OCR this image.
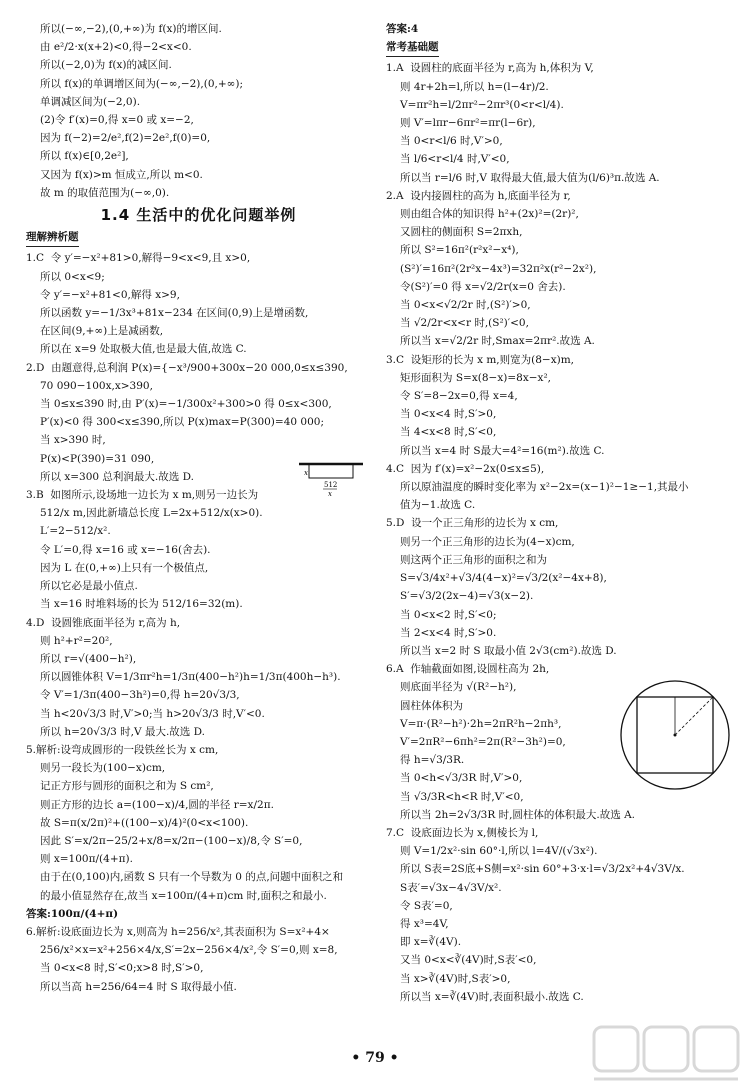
所以(−∞,−2),(0,+∞)为 f(x)的增区间.
由 e²/2·x(x+2)<0,得−2<x<0.
所以(−2,0)为 f(x)的减区间.
所以 f(x)的单调增区间为(−∞,−2),(0,+∞);
单调减区间为(−2,0).
(2)令 f′(x)=0,得 x=0 或 x=−2,
因为 f(−2)=2/e²,f(2)=2e²,f(0)=0,
所以 f(x)∈[0,2e²],
又因为 f(x)>m 恒成立,所以 m<0.
故 m 的取值范围为(−∞,0).
1.4 生活中的优化问题举例
理解辨析题
1.C  令 y′=−x²+81>0,解得−9<x<9,且 x>0,
所以 0<x<9;
令 y′=−x²+81<0,解得 x>9,
所以函数 y=−1/3x³+81x−234 在区间(0,9)上是增函数,
在区间(9,+∞)上是减函数,
所以在 x=9 处取极大值,也是最大值,故选 C.
2.D  由题意得,总利润 P(x)={−x³/900+300x−20 000,0≤x≤390,
70 090−100x,x>390,
当 0≤x≤390 时,由 P′(x)=−1/300x²+300>0 得 0≤x<300,
P′(x)<0 得 300<x≤390,所以 P(x)max=P(300)=40 000;
当 x>390 时,
P(x)<P(390)=31 090,
所以 x=300 总利润最大.故选 D.
3.B  如图所示,设场地一边长为 x m,则另一边长为
512/x m,因此新墙总长度 L=2x+512/x(x>0).
L′=2−512/x².
令 L′=0,得 x=16 或 x=−16(舍去).
因为 L 在(0,+∞)上只有一个极值点,
所以它必是最小值点.
当 x=16 时堆料场的长为 512/16=32(m).
4.D  设圆锥底面半径为 r,高为 h,
则 h²+r²=20²,
所以 r=√(400−h²),
所以圆锥体积 V=1/3πr²h=1/3π(400−h²)h=1/3π(400h−h³).
令 V′=1/3π(400−3h²)=0,得 h=20√3/3,
当 h<20√3/3 时,V′>0;当 h>20√3/3 时,V′<0.
所以 h=20√3/3 时,V 最大.故选 D.
5.解析:设弯成圆形的一段铁丝长为 x cm,
则另一段长为(100−x)cm,
记正方形与圆形的面积之和为 S cm²,
则正方形的边长 a=(100−x)/4,圆的半径 r=x/2π.
故 S=π(x/2π)²+((100−x)/4)²(0<x<100).
因此 S′=x/2π−25/2+x/8=x/2π−(100−x)/8,令 S′=0,
则 x=100π/(4+π).
由于在(0,100)内,函数 S 只有一个导数为 0 的点,问题中面积之和
的最小值显然存在,故当 x=100π/(4+π)cm 时,面积之和最小.
答案:100π/(4+π)
6.解析:设底面边长为 x,则高为 h=256/x²,其表面积为 S=x²+4×
256/x²×x=x²+256×4/x,S′=2x−256×4/x²,令 S′=0,则 x=8,
当 0<x<8 时,S′<0;x>8 时,S′>0,
所以当高 h=256/64=4 时 S 取得最小值.
答案:4
常考基础题
1.A  设圆柱的底面半径为 r,高为 h,体积为 V,
则 4r+2h=l,所以 h=(l−4r)/2.
V=πr²h=l/2πr²−2πr³(0<r<l/4).
则 V′=lπr−6πr²=πr(l−6r),
当 0<r<l/6 时,V′>0,
当 l/6<r<l/4 时,V′<0,
所以当 r=l/6 时,V 取得最大值,最大值为(l/6)³π.故选 A.
2.A  设内接圆柱的高为 h,底面半径为 r,
则由组合体的知识得 h²+(2x)²=(2r)²,
又圆柱的侧面积 S=2πxh,
所以 S²=16π²(r²x²−x⁴),
(S²)′=16π²(2r²x−4x³)=32π²x(r²−2x²),
令(S²)′=0 得 x=√2/2r(x=0 舍去).
当 0<x<√2/2r 时,(S²)′>0,
当 √2/2r<x<r 时,(S²)′<0,
所以当 x=√2/2r 时,Smax=2πr².故选 A.
3.C  设矩形的长为 x m,则宽为(8−x)m,
矩形面积为 S=x(8−x)=8x−x²,
令 S′=8−2x=0,得 x=4,
当 0<x<4 时,S′>0,
当 4<x<8 时,S′<0,
所以当 x=4 时 S最大=4²=16(m²).故选 C.
4.C  因为 f′(x)=x²−2x(0≤x≤5),
所以原油温度的瞬时变化率为 x²−2x=(x−1)²−1≥−1,其最小
值为−1.故选 C.
5.D  设一个正三角形的边长为 x cm,
则另一个正三角形的边长为(4−x)cm,
则这两个正三角形的面积之和为
S=√3/4x²+√3/4(4−x)²=√3/2(x²−4x+8),
S′=√3/2(2x−4)=√3(x−2).
当 0<x<2 时,S′<0;
当 2<x<4 时,S′>0.
所以当 x=2 时 S 取最小值 2√3(cm²).故选 D.
6.A  作轴截面如图,设圆柱高为 2h,
则底面半径为 √(R²−h²),
圆柱体体积为
V=π·(R²−h²)·2h=2πR²h−2πh³,
V′=2πR²−6πh²=2π(R²−3h²)=0,
得 h=√3/3R.
当 0<h<√3/3R 时,V′>0,
当 √3/3R<h<R 时,V′<0,
所以当 2h=2√3/3R 时,圆柱体的体积最大.故选 A.
7.C  设底面边长为 x,侧棱长为 l,
则 V=1/2x²·sin 60°·l,所以 l=4V/(√3x²).
所以 S表=2S底+S侧=x²·sin 60°+3·x·l=√3/2x²+4√3V/x.
S表′=√3x−4√3V/x².
令 S表′=0,
得 x³=4V,
即 x=∛(4V).
又当 0<x<∛(4V)时,S表′<0,
当 x>∛(4V)时,S表′>0,
所以当 x=∛(4V)时,表面积最小.故选 C.
x
512
x
• 79 •
